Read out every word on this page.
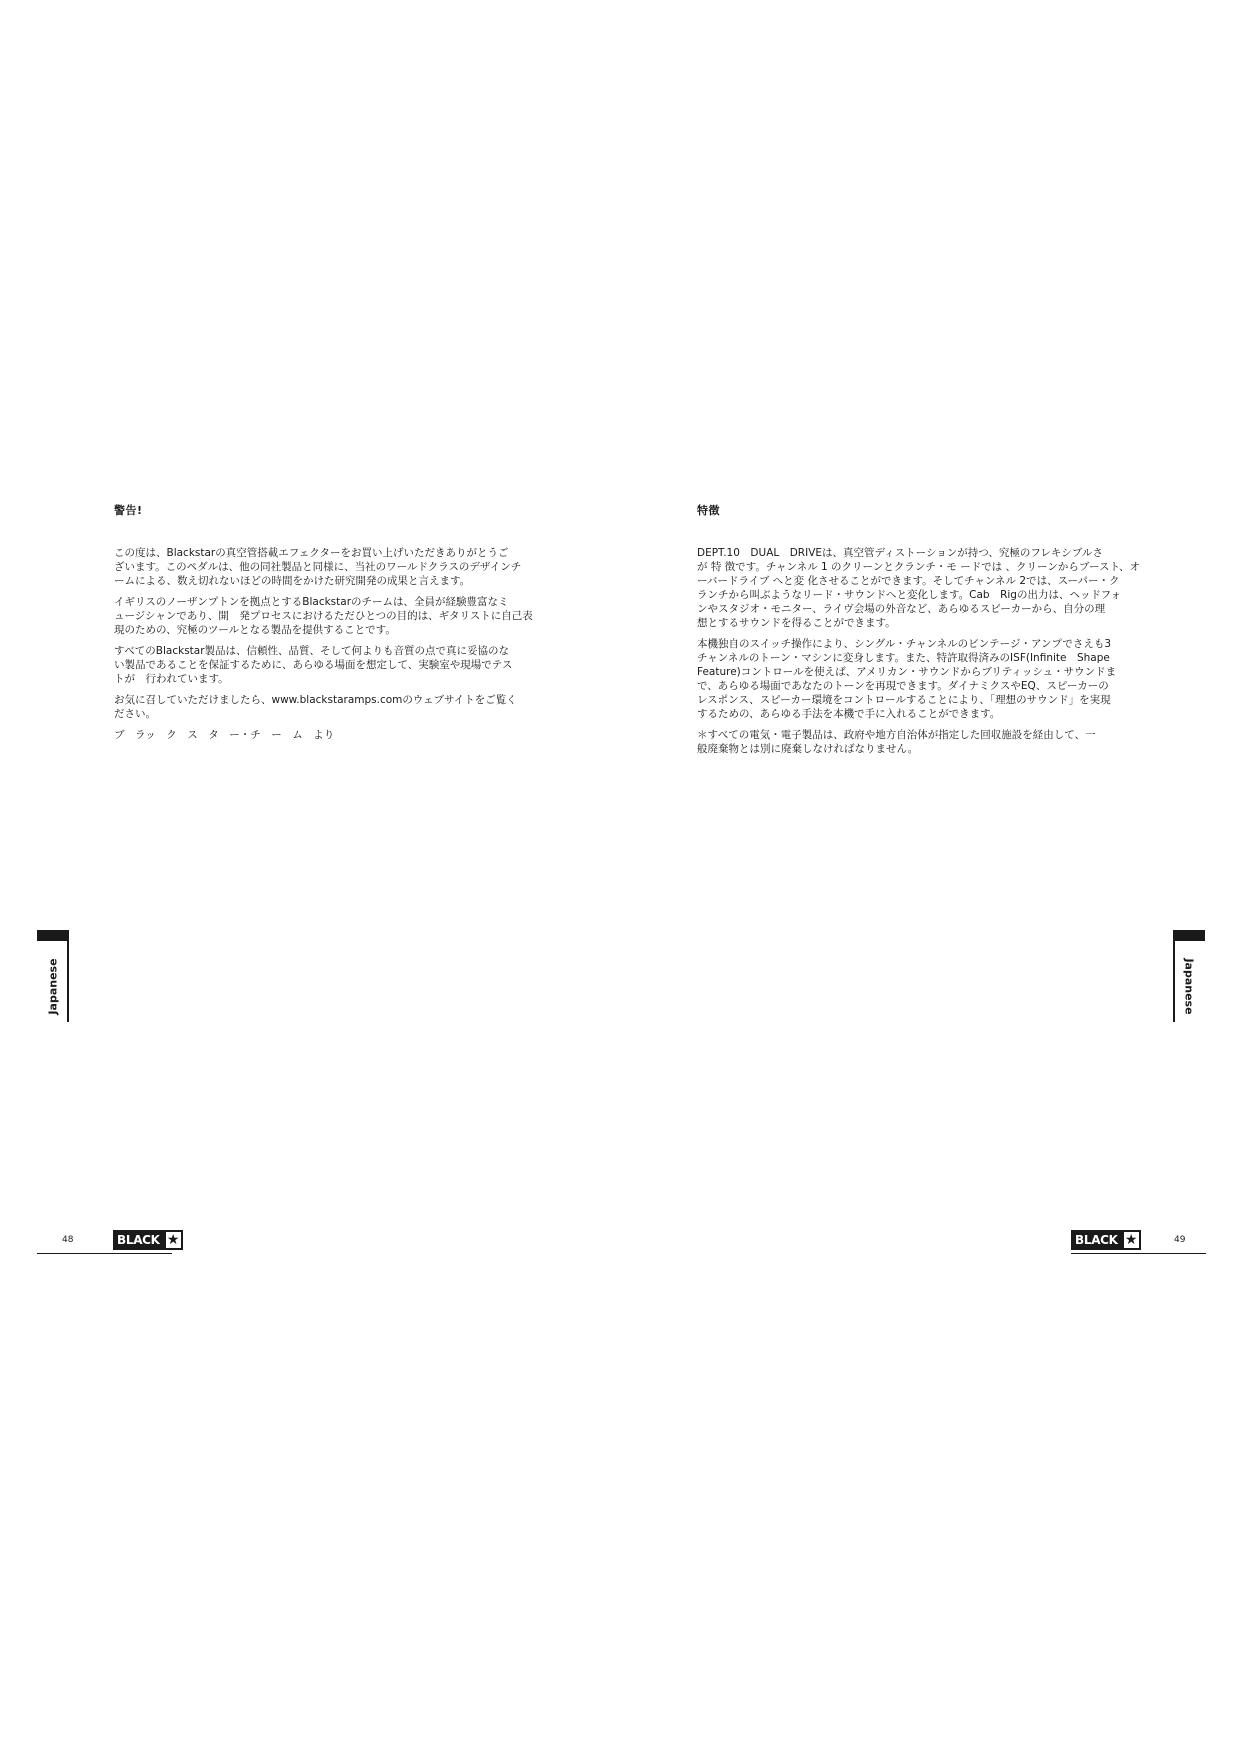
警告!

この度は、Blackstarの真空管搭載エフェクターをお買い上げいただきありがとうご
ざいます。このペダルは、他の同社製品と同様に、当社のワールドクラスのデザインチ
ームによる、数え切れないほどの時間をかけた研究開発の成果と言えます。

イギリスのノーザンプトンを拠点とするBlackstarのチームは、全員が経験豊富なミ
ュージシャンであり、開　発プロセスにおけるただひとつの目的は、ギタリストに自己表
現のための、究極のツールとなる製品を提供することです。

すべてのBlackstar製品は、信頼性、品質、そして何よりも音質の点で真に妥協のな
い製品であることを保証するために、あらゆる場面を想定して、実験室や現場でテス
トが　行われています。

お気に召していただけましたら、www.blackstaramps.comのウェブサイトをご覧く
ださい。

ブ　ラッ　ク　ス　タ　ー・チ　ー　ム　より

Japanese
48	BLACK ★
特徴

DEPT.10　DUAL　DRIVEは、真空管ディストーションが持つ、究極のフレキシブルさ
が 特 徴です。チャンネル 1 のクリーンとクランチ・モ ードでは 、クリーンからブースト、オ
ーバードライブ へと変 化させることができます。そしてチャンネル 2では、スーパー・ク
ランチから叫ぶようなリード・サウンドへと変化します。Cab　Rigの出力は、ヘッドフォ
ンやスタジオ・モニター、ライヴ会場の外音など、あらゆるスピーカーから、自分の理
想とするサウンドを得ることができます。

本機独自のスイッチ操作により、シングル・チャンネルのビンテージ・アンプでさえも3
チャンネルのトーン・マシンに変身します。また、特許取得済みのISF(Infinite　Shape
Feature)コントロールを使えば、アメリカン・サウンドからブリティッシュ・サウンドま
で、あらゆる場面であなたのトーンを再現できます。ダイナミクスやEQ、スピーカーの
レスポンス、スピーカー環境をコントロールすることにより、「理想のサウンド」を実現
するための、あらゆる手法を本機で手に入れることができます。

＊すべての電気・電子製品は、政府や地方自治体が指定した回収施設を経由して、一
般廃棄物とは別に廃棄しなければなりません。

Japanese
BLACK ★	49
